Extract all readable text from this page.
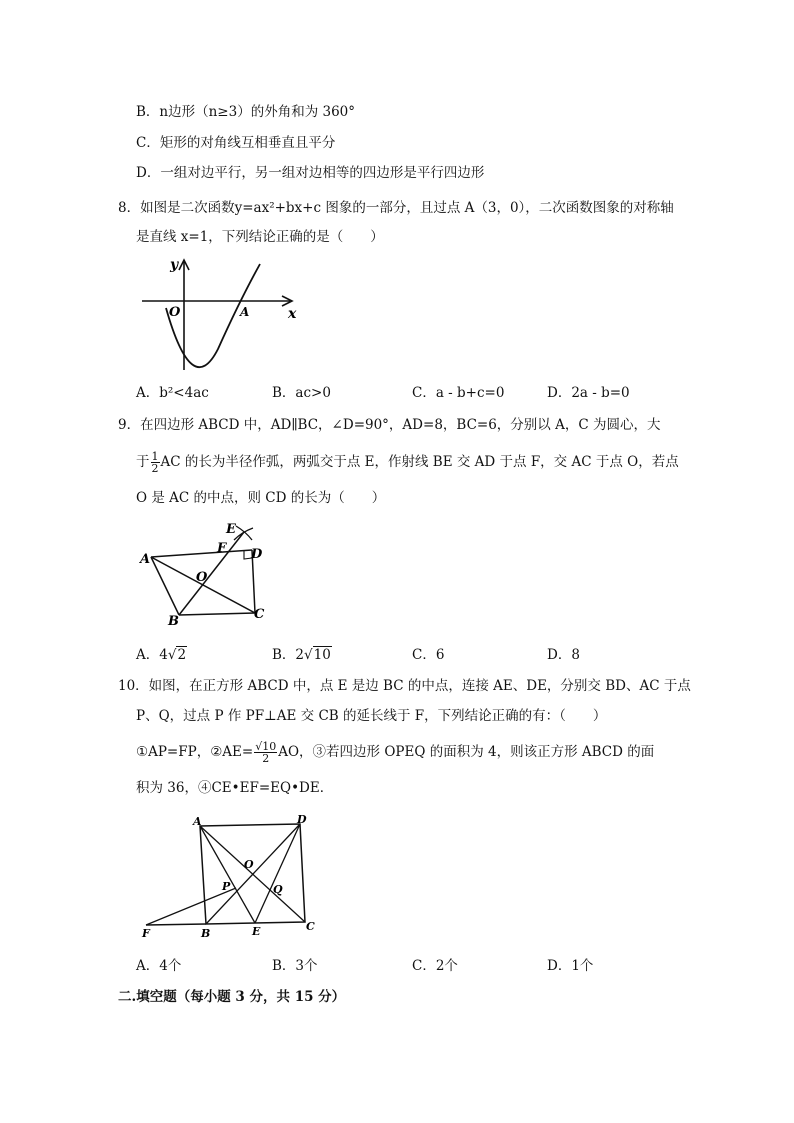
B．n边形（n≥3）的外角和为 360°
C．矩形的对角线互相垂直且平分
D．一组对边平行，另一组对边相等的四边形是平行四边形
8．如图是二次函数y=ax²+bx+c 图象的一部分，且过点 A（3，0），二次函数图象的对称轴
是直线 x=1，下列结论正确的是（　　）
y
x
O	A
A．b²<4ac	B．ac>0	C．a - b+c=0	D．2a - b=0
9．在四边形 ABCD 中，AD∥BC，∠D=90°，AD=8，BC=6，分别以 A，C 为圆心，大
于 $\frac{1}{2}$ AC 的长为半径作弧，两弧交于点 E，作射线 BE 交 AD 于点 F，交 AC 于点 O，若点
O 是 AC 的中点，则 CD 的长为（　　）
E
F D
A
O
B	C
A．4√2	B．2√10	C．6	D．8
10．如图，在正方形 ABCD 中，点 E 是边 BC 的中点，连接 AE、DE，分别交 BD、AC 于点
P、Q，过点 P 作 PF⊥AE 交 CB 的延长线于 F，下列结论正确的有：（　　）
①AP=FP，②AE= $\frac{√10}{2}$ AO，③若四边形 OPEQ 的面积为 4，则该正方形 ABCD 的面
积为 36，④CE•EF=EQ•DE．
A	D
O
P	Q
F	B	E	C
A．4个	B．3个	C．2个	D．1个
二.填空题（每小题 3 分，共 15 分）
